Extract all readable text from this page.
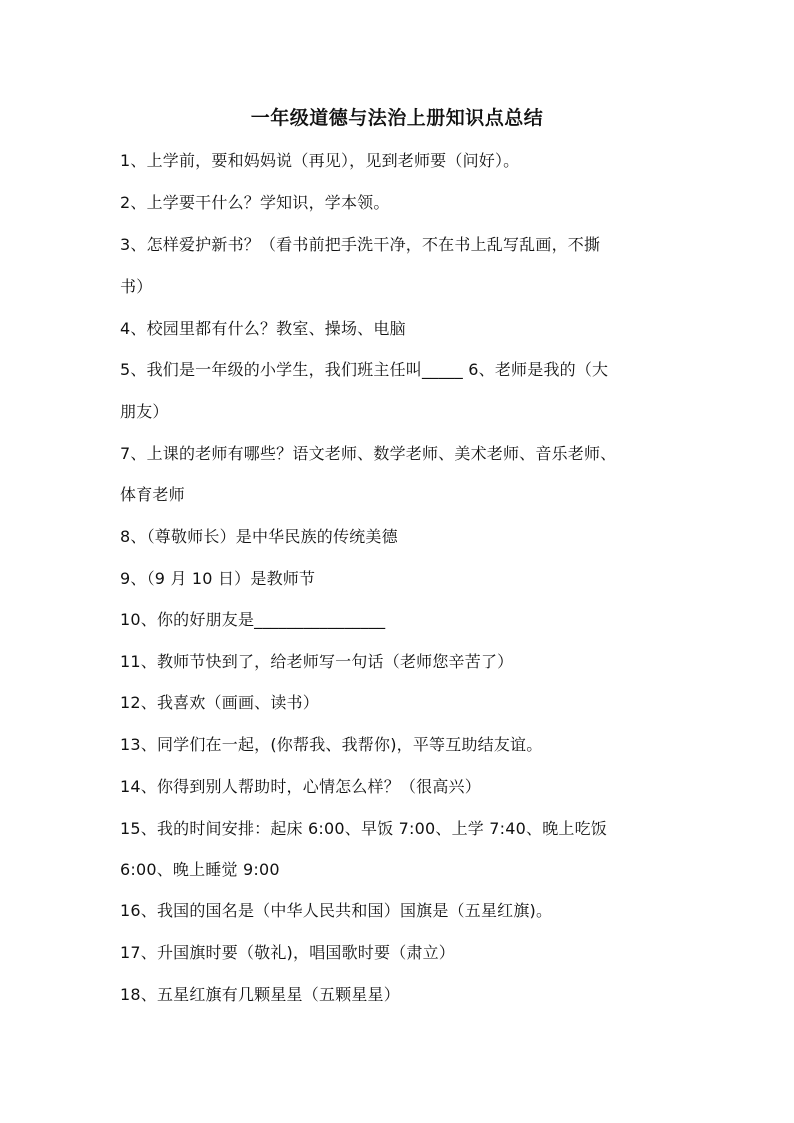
一年级道德与法治上册知识点总结
1、上学前，要和妈妈说（再见），见到老师要（问好）。
2、上学要干什么？学知识，学本领。
3、怎样爱护新书？（看书前把手洗干净，不在书上乱写乱画，不撕
书）
4、校园里都有什么？教室、操场、电脑
5、我们是一年级的小学生，我们班主任叫_____ 6、老师是我的（大
朋友）
7、上课的老师有哪些？语文老师、数学老师、美术老师、音乐老师、
体育老师
8、（尊敬师长）是中华民族的传统美德
9、（9 月 10 日）是教师节
10、你的好朋友是________________
11、教师节快到了，给老师写一句话（老师您辛苦了）
12、我喜欢（画画、读书）
13、同学们在一起，(你帮我、我帮你)，平等互助结友谊。
14、你得到别人帮助时，心情怎么样？（很高兴）
15、我的时间安排：起床 6:00、早饭 7:00、上学 7:40、晚上吃饭
6:00、晚上睡觉 9:00
16、我国的国名是（中华人民共和国）国旗是（五星红旗)。
17、升国旗时要（敬礼)，唱国歌时要（肃立）
18、五星红旗有几颗星星（五颗星星）
